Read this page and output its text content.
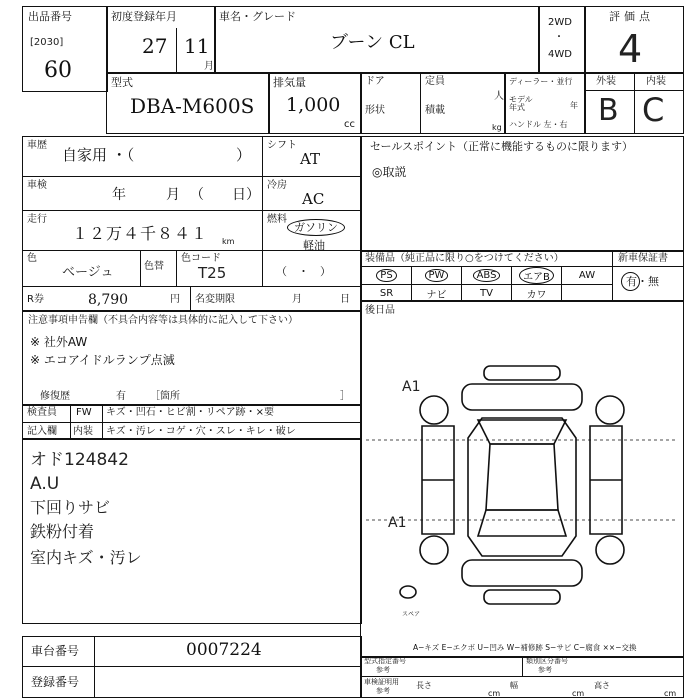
出品番号
[2030]
60
初度登録年月
27 11
月
車名・グレード
ブーン CL
2WD
・
4WD
評価点
4
型式
DBA-M600S
排気量
1,000
cc
ドア
形状
定員
人
積載
kg
ディーラー・並行
モデル年式	年
ハンドル 左・右
外装	内装
B C
車歴
自家用 ・（	）
車検
年	月 （　　日）
走行
１２万４千８４１ km
色
ベージュ	色替
色コード
T25
R券	8,790	円 名変期限	月	日
シフト
AT
冷房
AC
燃料
ガソリン
軽油
（　・　）
セールスポイント（正常に機能するものに限ります）
◎取説
装備品（純正品に限り○をつけてください）	新車保証書
有・無
PS	PW	ABS	エアB	AW
SR	ナビ	TV	カワ
後日品
注意事項申告欄（不具合内容等は具体的に記入して下さい）
※ 社外AW
※ エコアイドルランプ点滅
修復歴	有 ［箇所	］
検査員 FW キズ・凹石・ヒビ割・リペア跡・×要
記入欄 内装 キズ・汚レ・コゲ・穴・スレ・キレ・破レ
オド124842
A.U
下回りサビ
鉄粉付着
室内キズ・汚レ
A1
A1
スペア
A−キズ E−エクボ U−凹み W−補修跡 S−サビ C−腐食 ××−交換
車台番号	0007224
登録番号
型式指定番号
参考
類別区分番号
参考
車検証明用
参考
長さ
cm
幅
cm
高さ
cm
